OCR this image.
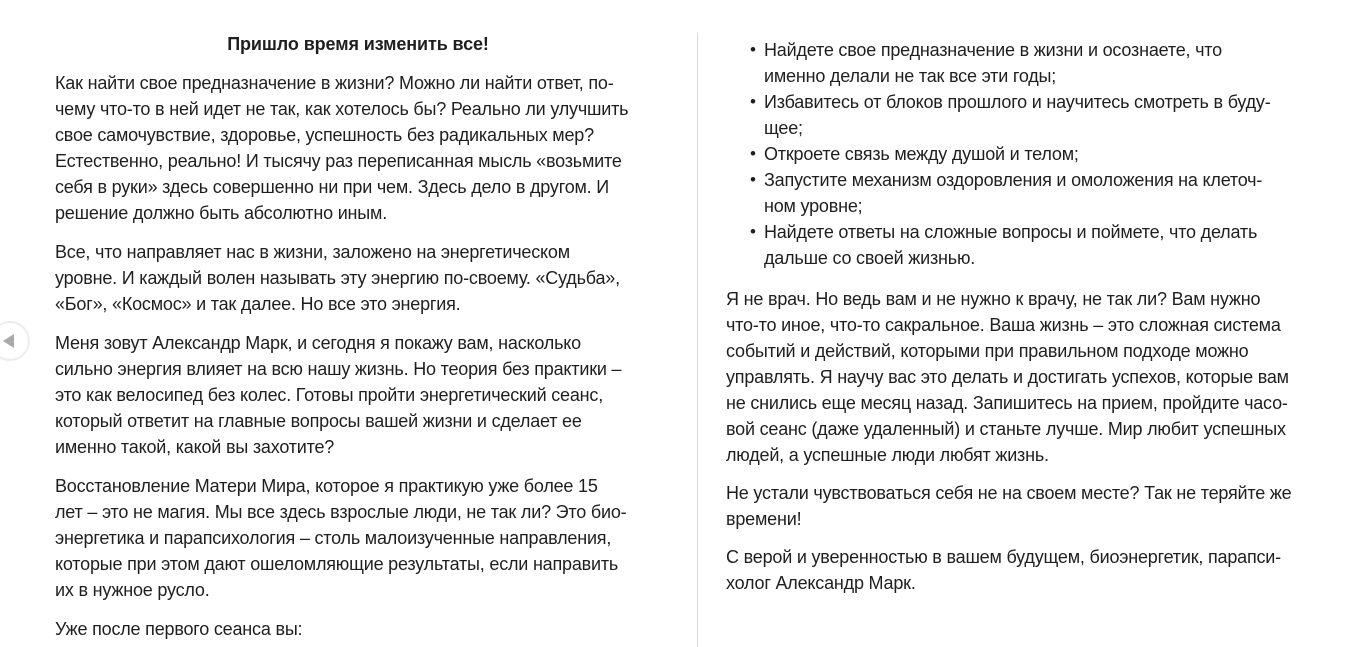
Пришло время изменить все!
Как найти свое предназначение в жизни? Можно ли найти ответ, по-
чему что-то в ней идет не так, как хотелось бы? Реально ли улучшить
свое самочувствие, здоровье, успешность без радикальных мер?
Естественно, реально! И тысячу раз переписанная мысль «возьмите
себя в руки» здесь совершенно ни при чем. Здесь дело в другом. И
решение должно быть абсолютно иным.
Все, что направляет нас в жизни, заложено на энергетическом
уровне. И каждый волен называть эту энергию по-своему. «Судьба»,
«Бог», «Космос» и так далее. Но все это энергия.
Меня зовут Александр Марк, и сегодня я покажу вам, насколько
сильно энергия влияет на всю нашу жизнь. Но теория без практики –
это как велосипед без колес. Готовы пройти энергетический сеанс,
который ответит на главные вопросы вашей жизни и сделает ее
именно такой, какой вы захотите?
Восстановление Матери Мира, которое я практикую уже более 15
лет – это не магия. Мы все здесь взрослые люди, не так ли? Это био-
энергетика и парапсихология – столь малоизученные направления,
которые при этом дают ошеломляющие результаты, если направить
их в нужное русло.
Уже после первого сеанса вы:
• Найдете свое предназначение в жизни и осознаете, что
именно делали не так все эти годы;
• Избавитесь от блоков прошлого и научитесь смотреть в буду-
щее;
• Откроете связь между душой и телом;
• Запустите механизм оздоровления и омоложения на клеточ-
ном уровне;
• Найдете ответы на сложные вопросы и поймете, что делать
дальше со своей жизнью.
Я не врач. Но ведь вам и не нужно к врачу, не так ли? Вам нужно
что-то иное, что-то сакральное. Ваша жизнь – это сложная система
событий и действий, которыми при правильном подходе можно
управлять. Я научу вас это делать и достигать успехов, которые вам
не снились еще месяц назад. Запишитесь на прием, пройдите часо-
вой сеанс (даже удаленный) и станьте лучше. Мир любит успешных
людей, а успешные люди любят жизнь.
Не устали чувствоваться себя не на своем месте? Так не теряйте же
времени!
С верой и уверенностью в вашем будущем, биоэнергетик, парапси-
холог Александр Марк.
